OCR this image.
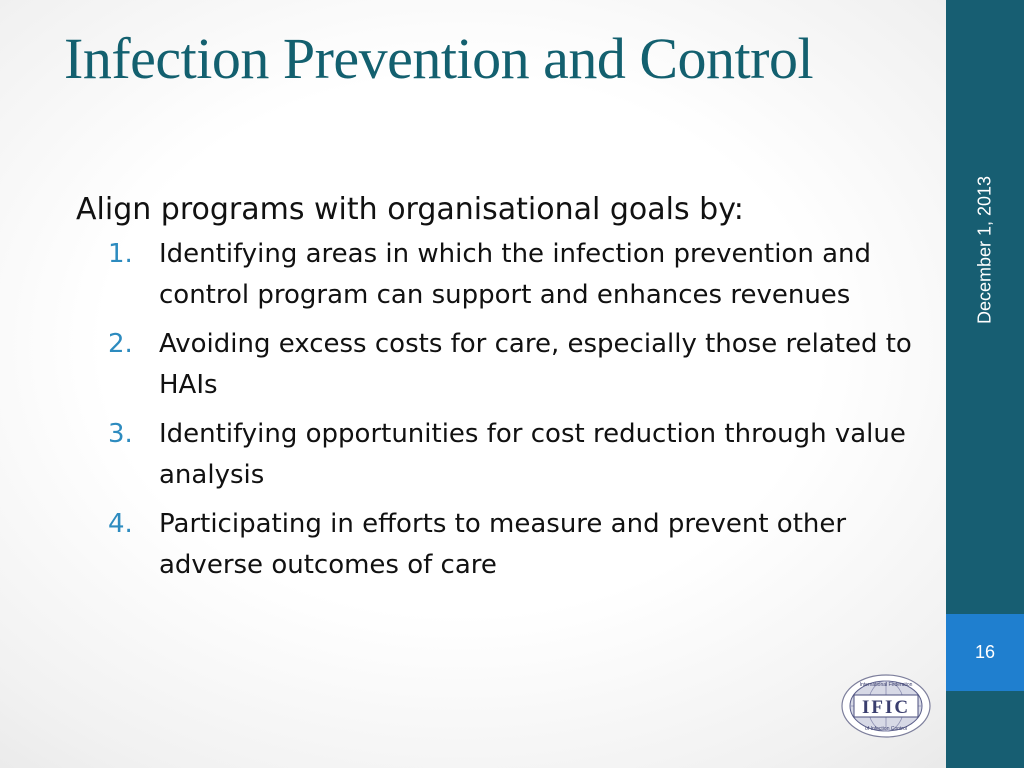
Infection Prevention and Control

Align programs with organisational goals by:

1. Identifying areas in which the infection prevention and control program can support and enhances revenues
2. Avoiding excess costs for care, especially those related to HAIs
3. Identifying opportunities for cost reduction through value analysis
4. Participating in efforts to measure and prevent other adverse outcomes of care
December 1, 2013
16
IFIC
International Federation
of Infection Control
